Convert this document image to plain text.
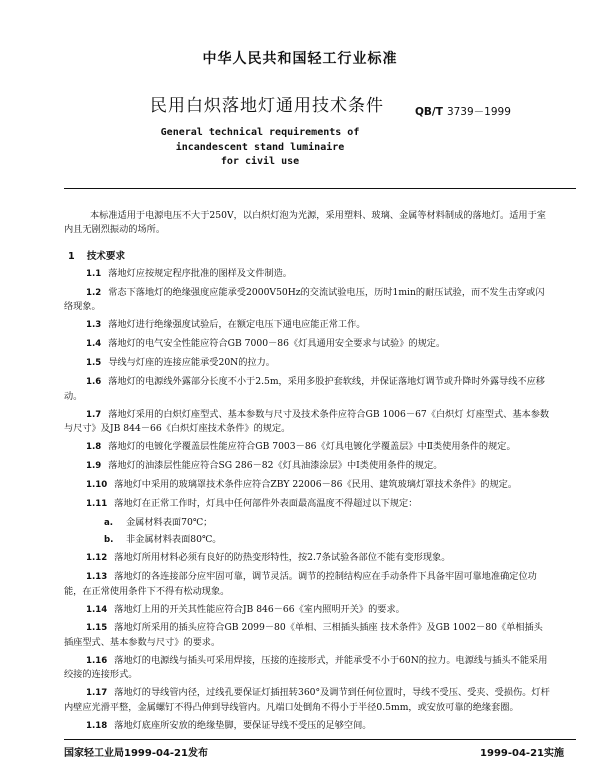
中华人民共和国轻工行业标准
民用白炽落地灯通用技术条件	QB/T 3739－1999
General technical requirements of
incandescent stand luminaire
for civil use
本标准适用于电源电压不大于250V，以白炽灯泡为光源，采用塑料、玻璃、金属等材料制成的落地灯。适用于室内且无剧烈振动的场所。
1 技术要求

1.1 落地灯应按规定程序批准的图样及文件制造。

1.2 常态下落地灯的绝缘强度应能承受2000V50Hz的交流试验电压，历时1min的耐压试验，而不发生击穿或闪络现象。

1.3 落地灯进行绝缘强度试验后，在额定电压下通电应能正常工作。

1.4 落地灯的电气安全性能应符合GB 7000－86《灯具通用安全要求与试验》的规定。

1.5 导线与灯座的连接应能承受20N的拉力。

1.6 落地灯的电源线外露部分长度不小于2.5m，采用多股护套软线，并保证落地灯调节或升降时外露导线不应移动。

1.7 落地灯采用的白炽灯座型式、基本参数与尺寸及技术条件应符合GB 1006－67《白炽灯 灯座型式、基本参数与尺寸》及JB 844－66《白炽灯座技术条件》的规定。

1.8 落地灯的电镀化学覆盖层性能应符合GB 7003－86《灯具电镀化学覆盖层》中Ⅱ类使用条件的规定。

1.9 落地灯的油漆层性能应符合SG 286－82《灯具油漆涂层》中Ⅰ类使用条件的规定。

1.10 落地灯中采用的玻璃罩技术条件应符合ZBY 22006－86《民用、建筑玻璃灯罩技术条件》的规定。

1.11 落地灯在正常工作时，灯具中任何部件外表面最高温度不得超过以下规定：

a. 金属材料表面70℃；

b. 非金属材料表面80℃。

1.12 落地灯所用材料必须有良好的防热变形特性，按2.7条试验各部位不能有变形现象。

1.13 落地灯的各连接部分应牢固可靠，调节灵活。调节的控制结构应在手动条件下具备牢固可靠地准确定位功能，在正常使用条件下不得有松动现象。

1.14 落地灯上用的开关其性能应符合JB 846－66《室内照明开关》的要求。

1.15 落地灯所采用的插头应符合GB 2099－80《单相、三相插头插座 技术条件》及GB 1002－80《单相插头插座型式、基本参数与尺寸》的要求。

1.16 落地灯的电源线与插头可采用焊接，压接的连接形式，并能承受不小于60N的拉力。电源线与插头不能采用绞接的连接形式。

1.17 落地灯的导线管内径，过线孔要保证灯插扭转360°及调节到任何位置时，导线不受压、受夹、受损伤。灯杆内壁应光滑平整，金属螺钉不得凸伸到导线管内。凡端口处倒角不得小于半径0.5mm，或安放可靠的绝缘套圈。

1.18 落地灯底座所安放的绝缘垫脚，要保证导线不受压的足够空间。

国家轻工业局1999-04-21发布	1999-04-21实施
